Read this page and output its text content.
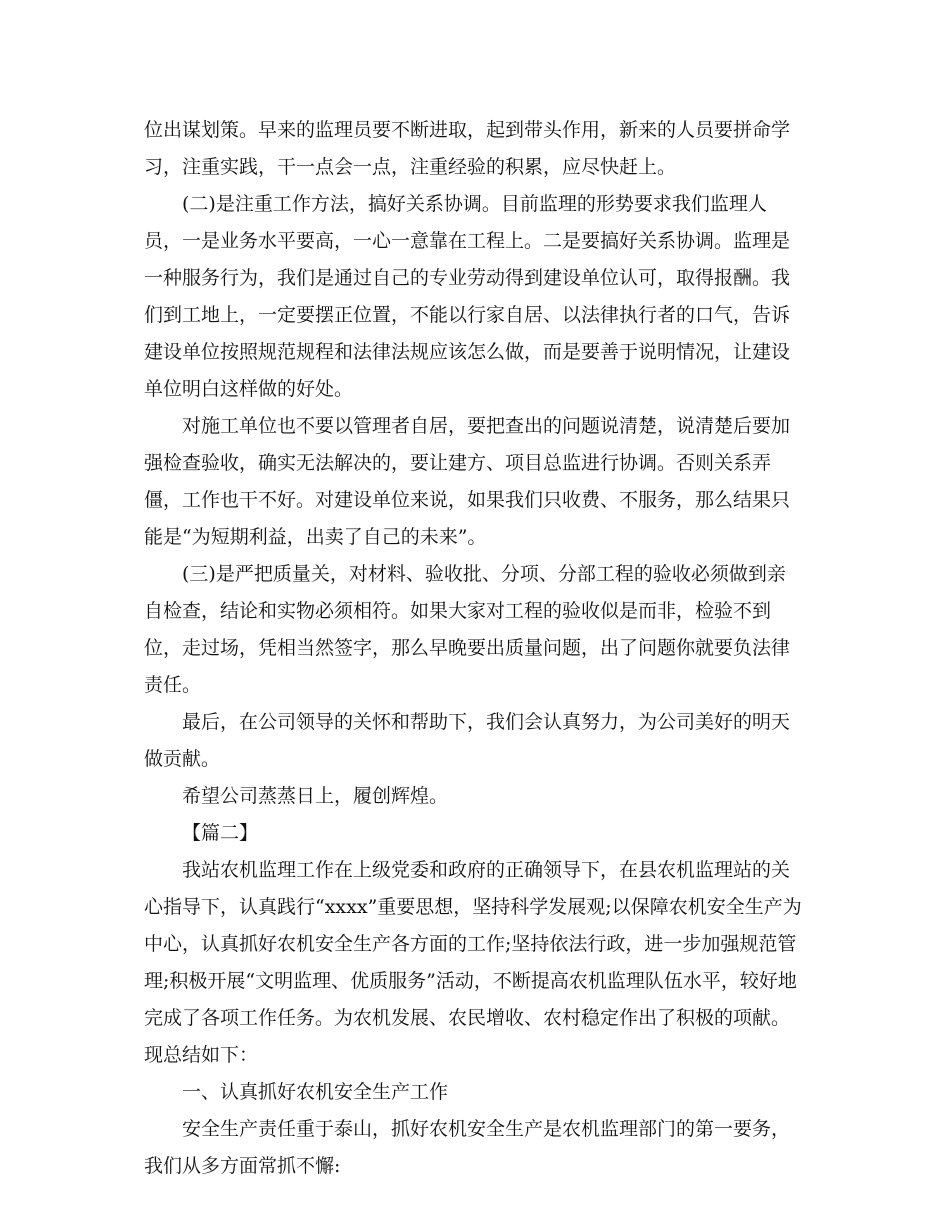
位出谋划策。早来的监理员要不断进取，起到带头作用，新来的人员要拼命学习，注重实践，干一点会一点，注重经验的积累，应尽快赶上。

(二)是注重工作方法，搞好关系协调。目前监理的形势要求我们监理人员，一是业务水平要高，一心一意靠在工程上。二是要搞好关系协调。监理是一种服务行为，我们是通过自己的专业劳动得到建设单位认可，取得报酬。我们到工地上，一定要摆正位置，不能以行家自居、以法律执行者的口气，告诉建设单位按照规范规程和法律法规应该怎么做，而是要善于说明情况，让建设单位明白这样做的好处。

对施工单位也不要以管理者自居，要把查出的问题说清楚，说清楚后要加强检查验收，确实无法解决的，要让建方、项目总监进行协调。否则关系弄僵，工作也干不好。对建设单位来说，如果我们只收费、不服务，那么结果只能是“为短期利益，出卖了自己的未来”。

(三)是严把质量关，对材料、验收批、分项、分部工程的验收必须做到亲自检查，结论和实物必须相符。如果大家对工程的验收似是而非，检验不到位，走过场，凭相当然签字，那么早晚要出质量问题，出了问题你就要负法律责任。

最后，在公司领导的关怀和帮助下，我们会认真努力，为公司美好的明天做贡献。

希望公司蒸蒸日上，履创辉煌。

【篇二】

我站农机监理工作在上级党委和政府的正确领导下，在县农机监理站的关心指导下，认真践行“xxxx”重要思想，坚持科学发展观;以保障农机安全生产为中心，认真抓好农机安全生产各方面的工作;坚持依法行政，进一步加强规范管理;积极开展“文明监理、优质服务”活动，不断提高农机监理队伍水平，较好地完成了各项工作任务。为农机发展、农民增收、农村稳定作出了积极的项献。现总结如下：

一、认真抓好农机安全生产工作

安全生产责任重于泰山，抓好农机安全生产是农机监理部门的第一要务，我们从多方面常抓不懈:
